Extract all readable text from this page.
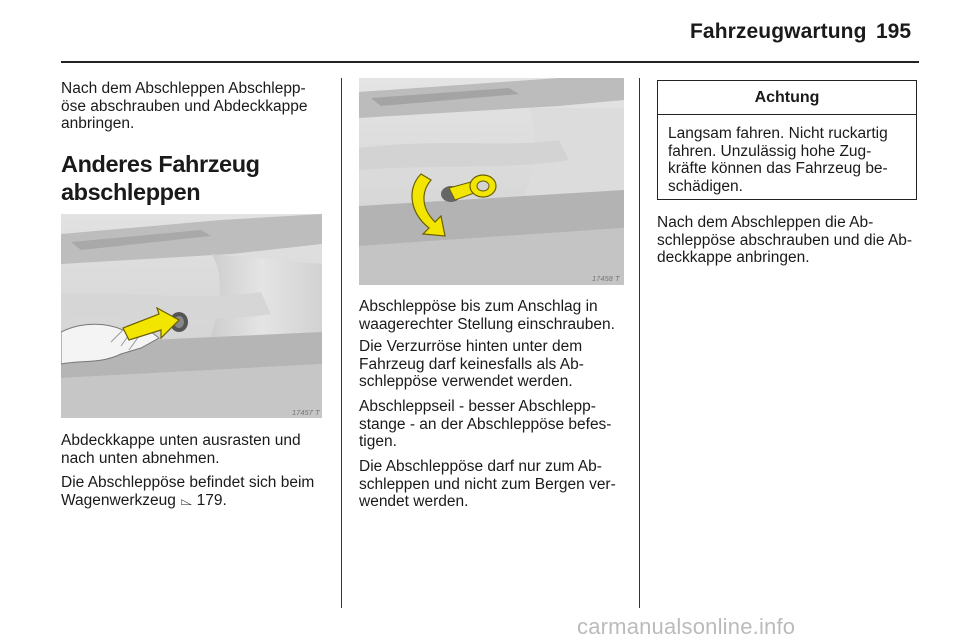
Fahrzeugwartung 195

Nach dem Abschleppen Abschlepp-
öse abschrauben und Abdeckkappe
anbringen.

Anderes Fahrzeug
abschleppen
17457 T

Abdeckkappe unten ausrasten und
nach unten abnehmen.

Die Abschleppöse befindet sich beim
Wagenwerkzeug ⌳ 179.

17458 T

Abschleppöse bis zum Anschlag in
waagerechter Stellung einschrauben.

Die Verzurröse hinten unter dem
Fahrzeug darf keinesfalls als Ab-
schleppöse verwendet werden.

Abschleppseil - besser Abschlepp-
stange - an der Abschleppöse befes-
tigen.

Die Abschleppöse darf nur zum Ab-
schleppen und nicht zum Bergen ver-
wendet werden.

Achtung

Langsam fahren. Nicht ruckartig
fahren. Unzulässig hohe Zug-
kräfte können das Fahrzeug be-
schädigen.

Nach dem Abschleppen die Ab-
schleppöse abschrauben und die Ab-
deckkappe anbringen.

carmanualsonline.info
